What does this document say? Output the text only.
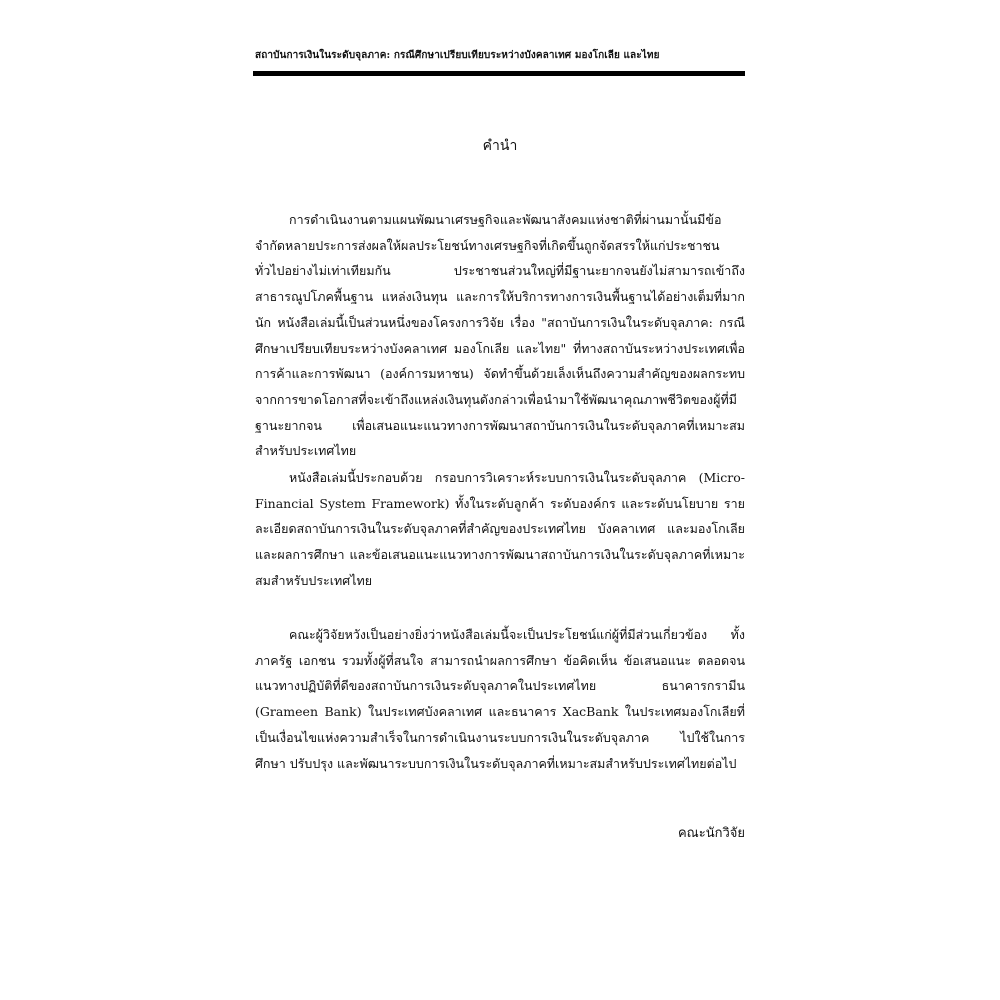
สถาบันการเงินในระดับจุลภาค: กรณีศึกษาเปรียบเทียบระหว่างบังคลาเทศ มองโกเลีย และไทย
คำนำ

การดำเนินงานตามแผนพัฒนาเศรษฐกิจและพัฒนาสังคมแห่งชาติที่ผ่านมานั้นมีข้อจำกัดหลายประการส่งผลให้ผลประโยชน์ทางเศรษฐกิจที่เกิดขึ้นถูกจัดสรรให้แก่ประชาชนทั่วไปอย่างไม่เท่าเทียมกัน ประชาชนส่วนใหญ่ที่มีฐานะยากจนยังไม่สามารถเข้าถึงสาธารณูปโภคพื้นฐาน แหล่งเงินทุน และการให้บริการทางการเงินพื้นฐานได้อย่างเต็มที่มากนัก หนังสือเล่มนี้เป็นส่วนหนึ่งของโครงการวิจัย เรื่อง "สถาบันการเงินในระดับจุลภาค: กรณีศึกษาเปรียบเทียบระหว่างบังคลาเทศ มองโกเลีย และไทย" ที่ทางสถาบันระหว่างประเทศเพื่อการค้าและการพัฒนา (องค์การมหาชน) จัดทำขึ้นด้วยเล็งเห็นถึงความสำคัญของผลกระทบจากการขาดโอกาสที่จะเข้าถึงแหล่งเงินทุนดังกล่าวเพื่อนำมาใช้พัฒนาคุณภาพชีวิตของผู้ที่มีฐานะยากจน เพื่อเสนอแนะแนวทางการพัฒนาสถาบันการเงินในระดับจุลภาคที่เหมาะสมสำหรับประเทศไทย

หนังสือเล่มนี้ประกอบด้วย กรอบการวิเคราะห์ระบบการเงินในระดับจุลภาค (Micro-Financial System Framework) ทั้งในระดับลูกค้า ระดับองค์กร และระดับนโยบาย รายละเอียดสถาบันการเงินในระดับจุลภาคที่สำคัญของประเทศไทย บังคลาเทศ และมองโกเลีย และผลการศึกษา และข้อเสนอแนะแนวทางการพัฒนาสถาบันการเงินในระดับจุลภาคที่เหมาะสมสำหรับประเทศไทย

คณะผู้วิจัยหวังเป็นอย่างยิ่งว่าหนังสือเล่มนี้จะเป็นประโยชน์แก่ผู้ที่มีส่วนเกี่ยวข้อง ทั้งภาครัฐ เอกชน รวมทั้งผู้ที่สนใจ สามารถนำผลการศึกษา ข้อคิดเห็น ข้อเสนอแนะ ตลอดจนแนวทางปฏิบัติที่ดีของสถาบันการเงินระดับจุลภาคในประเทศไทย ธนาคารกรามีน (Grameen Bank) ในประเทศบังคลาเทศ และธนาคาร XacBank ในประเทศมองโกเลียที่เป็นเงื่อนไขแห่งความสำเร็จในการดำเนินงานระบบการเงินในระดับจุลภาค ไปใช้ในการศึกษา ปรับปรุง และพัฒนาระบบการเงินในระดับจุลภาคที่เหมาะสมสำหรับประเทศไทยต่อไป

คณะนักวิจัย
